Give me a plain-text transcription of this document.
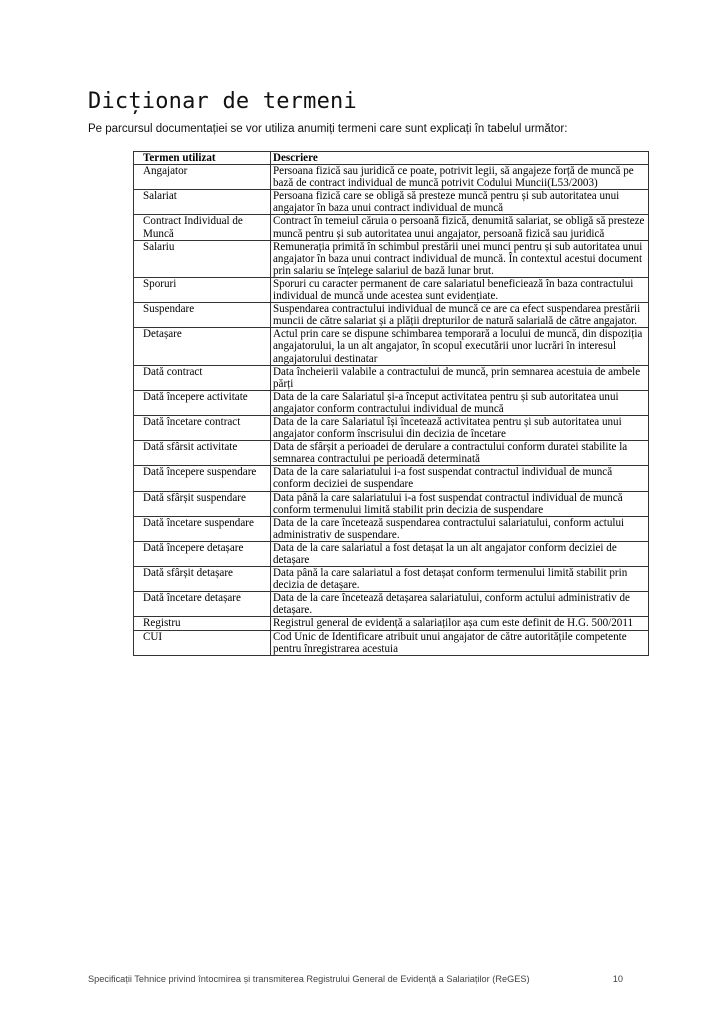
Dicționar de termeni
Pe parcursul documentației se vor utiliza anumiți termeni care sunt explicați în tabelul următor:
Termen utilizat	Descriere
Angajator	Persoana fizică sau juridică ce poate, potrivit legii, să angajeze forță de muncă pe bază de contract individual de muncă potrivit Codului Muncii(L53/2003)
Salariat	Persoana fizică care se obligă să presteze muncă pentru și sub autoritatea unui angajator în baza unui contract individual de muncă
Contract Individual de Muncă	Contract în temeiul căruia o persoană fizică, denumită salariat, se obligă să presteze muncă pentru și sub autoritatea unui angajator, persoană fizică sau juridică
Salariu	Remunerația primită în schimbul prestării unei munci pentru și sub autoritatea unui angajator în baza unui contract individual de muncă. În contextul acestui document prin salariu se înțelege salariul de bază lunar brut.
Sporuri	Sporuri cu caracter permanent de care salariatul beneficiează în baza contractului individual de muncă unde acestea sunt evidențiate.
Suspendare	Suspendarea contractului individual de muncă ce are ca efect suspendarea prestării muncii de către salariat și a plății drepturilor de natură salarială de către angajator.
Detașare	Actul prin care se dispune schimbarea temporară a locului de muncă, din dispoziția angajatorului, la un alt angajator, în scopul executării unor lucrări în interesul angajatorului destinatar
Dată contract	Data încheierii valabile a contractului de muncă, prin semnarea acestuia de ambele părți
Dată începere activitate	Data de la care Salariatul și-a început activitatea pentru și sub autoritatea unui angajator conform contractului individual de muncă
Dată încetare contract	Data de la care Salariatul își încetează activitatea pentru și sub autoritatea unui angajator conform înscrisului din decizia de încetare
Dată sfârsit activitate	Data de sfârșit a perioadei de derulare a contractului conform duratei stabilite la semnarea contractului pe perioadă determinată
Dată începere suspendare	Data de la care salariatului i-a fost suspendat contractul individual de muncă conform deciziei de suspendare
Dată sfârșit suspendare	Data până la care salariatului i-a fost suspendat contractul individual de muncă conform termenului limită stabilit prin decizia de suspendare
Dată încetare suspendare	Data de la care încetează suspendarea contractului salariatului, conform actului administrativ de suspendare.
Dată începere detașare	Data de la care salariatul a fost detașat la un alt angajator conform deciziei de detașare
Dată sfârșit detașare	Data până la care salariatul a fost detașat conform termenului limită stabilit prin decizia de detașare.
Dată încetare detașare	Data de la care încetează detașarea salariatului, conform actului administrativ de detașare.
Registru	Registrul general de evidență a salariaților așa cum este definit de H.G. 500/2011
CUI	Cod Unic de Identificare atribuit unui angajator de către autoritățile competente pentru înregistrarea acestuia
Specificații Tehnice privind întocmirea și transmiterea Registrului General de Evidență a Salariaților (ReGES)	10
